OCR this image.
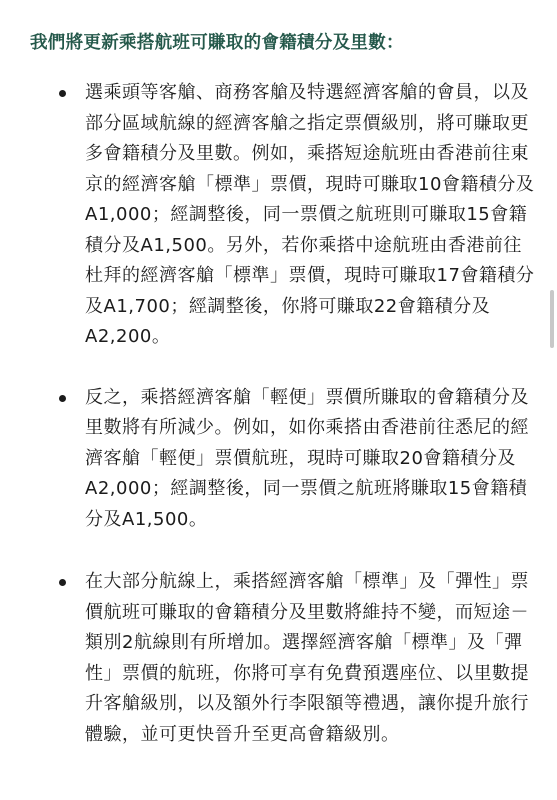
我們將更新乘搭航班可賺取的會籍積分及里數：
選乘頭等客艙、商務客艙及特選經濟客艙的會員，以及部分區域航線的經濟客艙之指定票價級別，將可賺取更多會籍積分及里數。例如，乘搭短途航班由香港前往東京的經濟客艙「標準」票價，現時可賺取10會籍積分及A1,000；經調整後，同一票價之航班則可賺取15會籍積分及A1,500。另外，若你乘搭中途航班由香港前往杜拜的經濟客艙「標準」票價，現時可賺取17會籍積分及A1,700；經調整後，你將可賺取22會籍積分及 A2,200。
反之，乘搭經濟客艙「輕便」票價所賺取的會籍積分及里數將有所減少。例如，如你乘搭由香港前往悉尼的經濟客艙「輕便」票價航班，現時可賺取20會籍積分及A2,000；經調整後，同一票價之航班將賺取15會籍積分及A1,500。
在大部分航線上，乘搭經濟客艙「標準」及「彈性」票價航班可賺取的會籍積分及里數將維持不變，而短途－類別2航線則有所增加。選擇經濟客艙「標準」及「彈性」票價的航班，你將可享有免費預選座位、以里數提升客艙級別，以及額外行李限額等禮遇，讓你提升旅行體驗，並可更快晉升至更高會籍級別。
